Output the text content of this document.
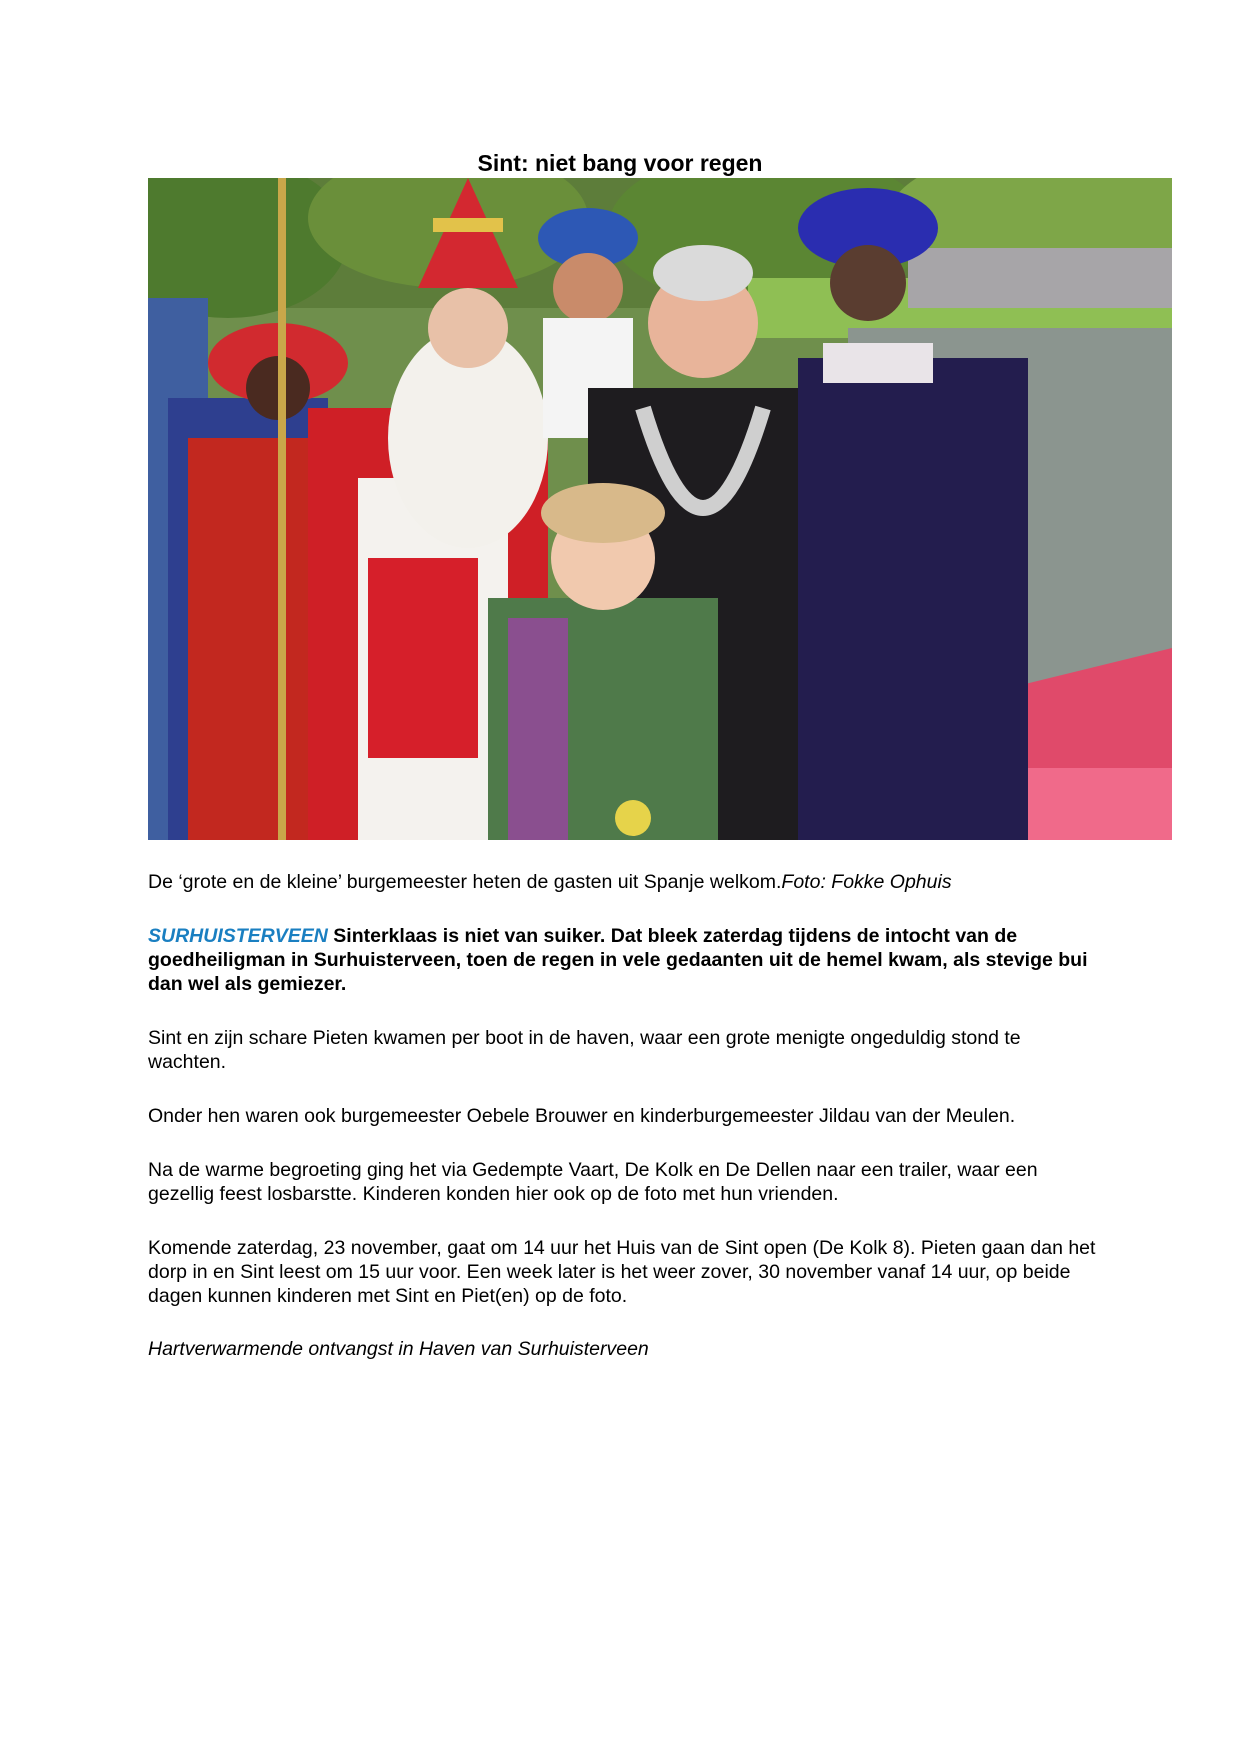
Sint: niet bang voor regen

De ‘grote en de kleine’ burgemeester heten de gasten uit Spanje welkom.Foto: Fokke Ophuis

SURHUISTERVEEN Sinterklaas is niet van suiker. Dat bleek zaterdag tijdens de intocht van de goedheiligman in Surhuisterveen, toen de regen in vele gedaanten uit de hemel kwam, als stevige bui dan wel als gemiezer.

Sint en zijn schare Pieten kwamen per boot in de haven, waar een grote menigte ongeduldig stond te wachten.

Onder hen waren ook burgemeester Oebele Brouwer en kinderburgemeester Jildau van der Meulen.

Na de warme begroeting ging het via Gedempte Vaart, De Kolk en De Dellen naar een trailer, waar een gezellig feest losbarstte. Kinderen konden hier ook op de foto met hun vrienden.

Komende zaterdag, 23 november, gaat om 14 uur het Huis van de Sint open (De Kolk 8). Pieten gaan dan het dorp in en Sint leest om 15 uur voor. Een week later is het weer zover, 30 november vanaf 14 uur, op beide dagen kunnen kinderen met Sint en Piet(en) op de foto.

Hartverwarmende ontvangst in Haven van Surhuisterveen
